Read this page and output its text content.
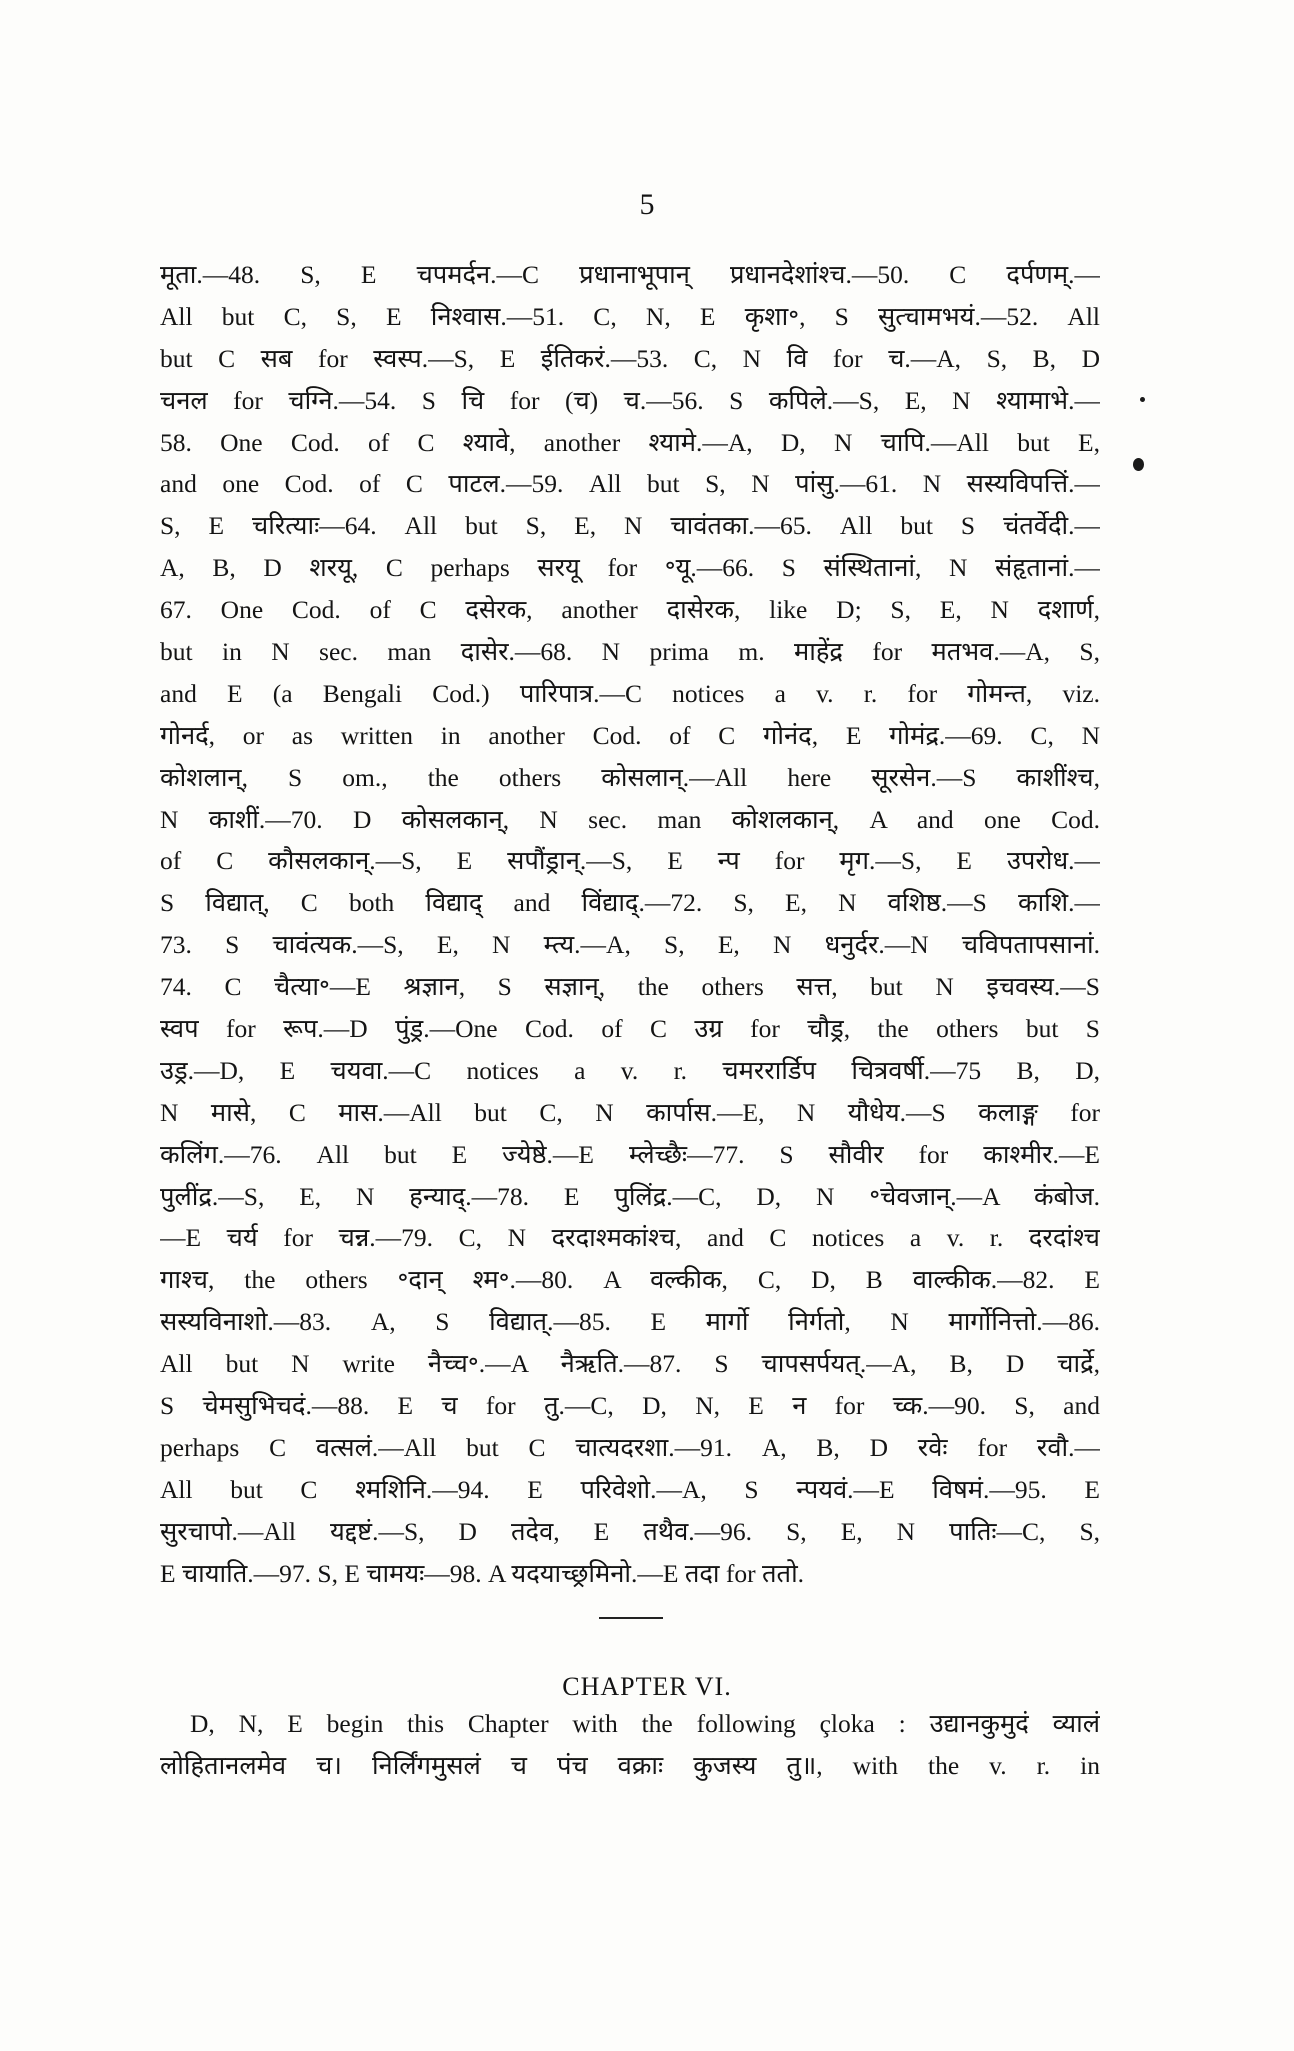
5
मूता.—48. S, E चपमर्दन.—C प्रधानाभूपान् प्रधानदेशांश्च.—50. C दर्पणम्.—
All but C, S, E निश्वास.—51. C, N, E कृशा॰, S सुत्चामभयं.—52. All
but C सब for स्वस्प.—S, E ईतिकरं.—53. C, N वि for च.—A, S, B, D
चनल for चग्नि.—54. S चि for (च) च.—56. S कपिले.—S, E, N श्यामाभे.—
58. One Cod. of C श्यावे, another श्यामे.—A, D, N चापि.—All but E,
and one Cod. of C पाटल.—59. All but S, N पांसु.—61. N सस्यविपत्तिं.—
S, E चरित्याः—64. All but S, E, N चावंतका.—65. All but S चंतर्वेदी.—
A, B, D शरयू, C perhaps सरयू for ॰यू.—66. S संस्थितानां, N संहृतानां.—
67. One Cod. of C दसेरक, another दासेरक, like D; S, E, N दशार्ण,
but in N sec. man दासेर.—68. N prima m. माहेंद्र for मतभव.—A, S,
and E (a Bengali Cod.) पारिपात्र.—C notices a v. r. for गोमन्त, viz.
गोनर्द, or as written in another Cod. of C गोनंद, E गोमंद्र.—69. C, N
कोशलान्, S om., the others कोसलान्.—All here सूरसेन.—S काशींश्च,
N काशीं.—70. D कोसलकान्, N sec. man कोशलकान्, A and one Cod.
of C कौसलकान्.—S, E सपौंड्रान्.—S, E न्प for मृग.—S, E उपरोध.—
S विद्यात्, C both विद्याद् and विंद्याद्.—72. S, E, N वशिष्ठ.—S काशि.—
73. S चावंत्यक.—S, E, N म्त्य.—A, S, E, N धनुर्दर.—N चविपतापसानां.
74. C चैत्या॰—E श्रज्ञान, S सज्ञान्, the others सत्त, but N इचवस्य.—S
स्वप for रूप.—D पुंड्र.—One Cod. of C उग्र for चौड्र, the others but S
उड्र.—D, E चयवा.—C notices a v. r. चमररार्डिप चित्रवर्षी.—75 B, D,
N मासे, C मास.—All but C, N कार्पास.—E, N यौधेय.—S कलाङ्ग for
कलिंग.—76. All but E ज्येष्ठे.—E म्लेच्छैः—77. S सौवीर for काश्मीर.—E
पुलींद्र.—S, E, N हन्याद्.—78. E पुलिंद्र.—C, D, N ॰चेवजान्.—A कंबोज.
—E चर्य for चन्न.—79. C, N दरदाश्मकांश्च, and C notices a v. r. दरदांश्च
गाश्च, the others ॰दान् श्म॰.—80. A वल्कीक, C, D, B वाल्कीक.—82. E
सस्यविनाशो.—83. A, S विद्यात्.—85. E मार्गो निर्गतो, N मार्गोनित्तो.—86.
All but N write नैच्च॰.—A नैऋति.—87. S चापसर्पयत्.—A, B, D चार्द्रे,
S चेमसुभिचदं.—88. E च for तु.—C, D, N, E न for च्क.—90. S, and
perhaps C वत्सलं.—All but C चात्यदरशा.—91. A, B, D रवेः for रवौ.—
All but C श्मशिनि.—94. E परिवेशो.—A, S न्पयवं.—E विषमं.—95. E
सुरचापो.—All यद्दष्टं.—S, D तदेव, E तथैव.—96. S, E, N पातिः—C, S,
E चायाति.—97. S, E चामयः—98. A यदयाच्छ्रमिनो.—E तदा for ततो.
CHAPTER VI.
D, N, E begin this Chapter with the following çloka : उद्यानकुमुदं व्यालं
लोहितानलमेव च। निर्लिंगमुसलं च पंच वक्राः कुजस्य तु॥, with the v. r. in
